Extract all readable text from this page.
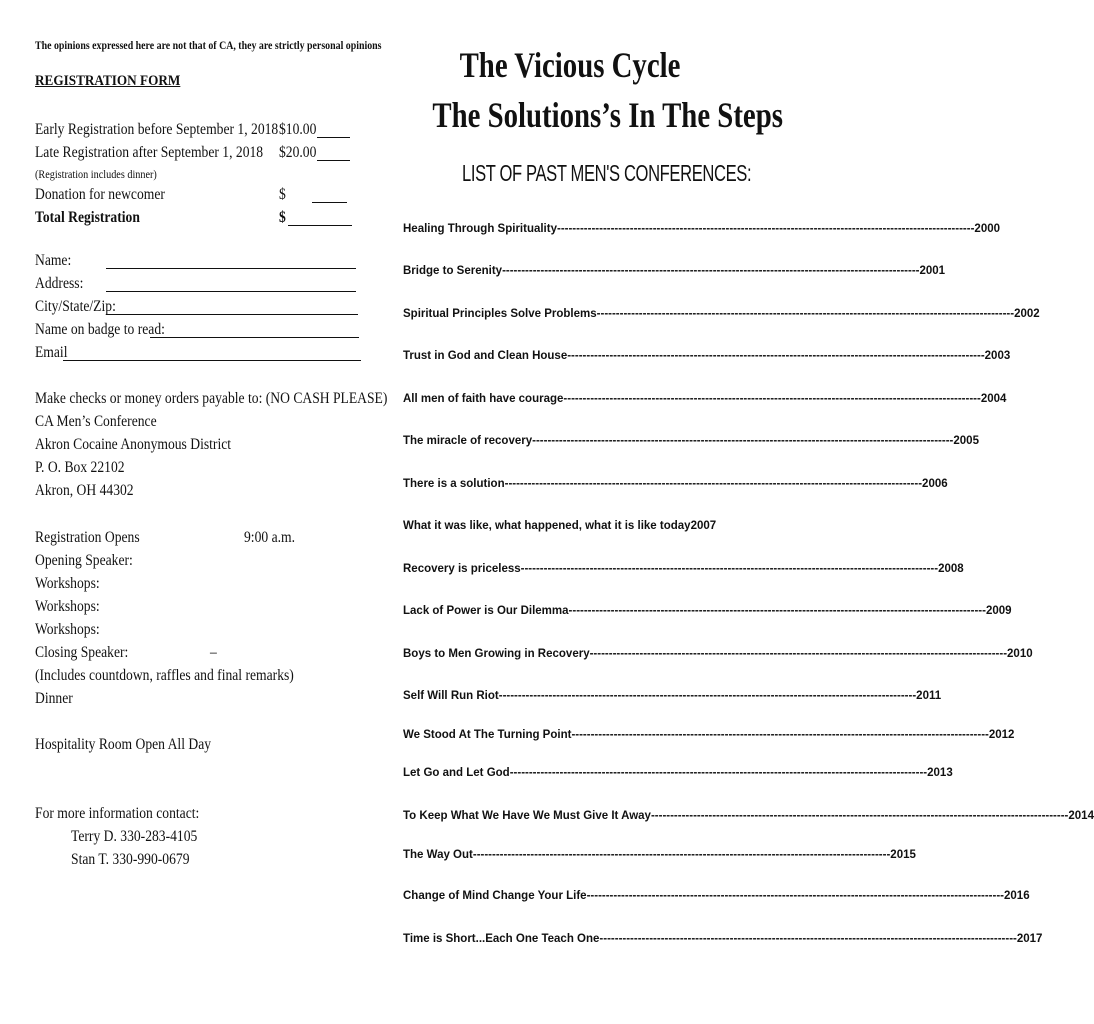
The opinions expressed here are not that of CA, they are strictly personal opinions
REGISTRATION FORM
Early Registration before September 1, 2018 $10.00
Late Registration after September 1, 2018 $20.00
(Registration includes dinner)
Donation for newcomer	$
Total Registration	$
Name:
Address:
City/State/Zip:
Name on badge to read:
Email
Make checks or money orders payable to: (NO CASH PLEASE)
CA Men’s Conference
Akron Cocaine Anonymous District
P. O. Box 22102
Akron, OH 44302
Registration Opens	9:00 a.m.
Opening Speaker:
Workshops:
Workshops:
Workshops:
Closing Speaker:	–
(Includes countdown, raffles and final remarks)
Dinner
Hospitality Room Open All Day
For more information contact:
Terry D. 330-283-4105
Stan T. 330-990-0679
The Vicious Cycle
The Solutions’s In The Steps
LIST OF PAST MEN'S CONFERENCES:
Healing Through Spirituality -----	2000
Bridge to Serenity -----	2001
Spiritual Principles Solve Problems -----	2002
Trust in God and Clean House -----	2003
All men of faith have courage -----	2004
The miracle of recovery- -----	2005
There is a solution -----	2006
What it was like, what happened, what it is like today 2007
Recovery is priceless -----	2008
Lack of Power is Our Dilemma -----	2009
Boys to Men Growing in Recovery -----	2010
Self Will Run Riot -----	2011
We Stood At The Turning Point -----	2012
Let Go and Let God -----	2013
To Keep What We Have We Must Give It Away -----	2014
The Way Out -----	2015
Change of Mind Change Your Life -----	2016
Time is Short...Each One Teach One -----	2017
